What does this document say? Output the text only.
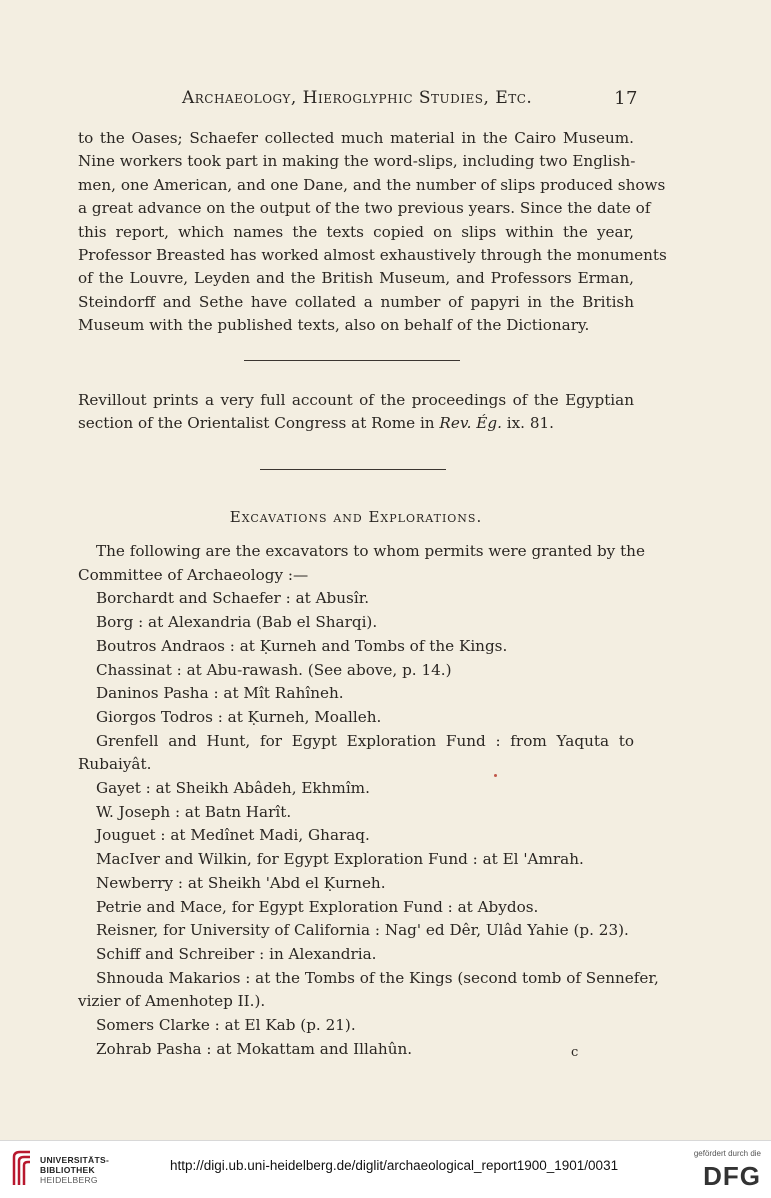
Archaeology, Hieroglyphic Studies, Etc.	17
to the Oases; Schaefer collected much material in the Cairo Museum.
Nine workers took part in making the word-slips, including two English-
men, one American, and one Dane, and the number of slips produced shows
a great advance on the output of the two previous years. Since the date of
this report, which names the texts copied on slips within the year,
Professor Breasted has worked almost exhaustively through the monuments
of the Louvre, Leyden and the British Museum, and Professors Erman,
Steindorff and Sethe have collated a number of papyri in the British
Museum with the published texts, also on behalf of the Dictionary.
Revillout prints a very full account of the proceedings of the Egyptian
section of the Orientalist Congress at Rome in Rev. Ég. ix. 81.
Excavations and Explorations.
The following are the excavators to whom permits were granted by the
Committee of Archaeology :—
Borchardt and Schaefer : at Abusîr.
Borg : at Alexandria (Bab el Sharqi).
Boutros Andraos : at Ḳurneh and Tombs of the Kings.
Chassinat : at Abu-rawash. (See above, p. 14.)
Daninos Pasha : at Mît Rahîneh.
Giorgos Todros : at Ḳurneh, Moalleh.
Grenfell and Hunt, for Egypt Exploration Fund : from Yaquta to
Rubaiyât.
Gayet : at Sheikh Abâdeh, Ekhmîm.
W. Joseph : at Batn Harît.
Jouguet : at Medînet Madi, Gharaq.
MacIver and Wilkin, for Egypt Exploration Fund : at El 'Amrah.
Newberry : at Sheikh 'Abd el Ḳurneh.
Petrie and Mace, for Egypt Exploration Fund : at Abydos.
Reisner, for University of California : Nag' ed Dêr, Ulâd Yahie (p. 23).
Schiff and Schreiber : in Alexandria.
Shnouda Makarios : at the Tombs of the Kings (second tomb of Sennefer,
vizier of Amenhotep II.).
Somers Clarke : at El Kab (p. 21).
Zohrab Pasha : at Mokattam and Illahûn.	c
UNIVERSITÄTS-
BIBLIOTHEK
HEIDELBERG
http://digi.ub.uni-heidelberg.de/diglit/archaeological_report1900_1901/0031
gefördert durch die
DFG
